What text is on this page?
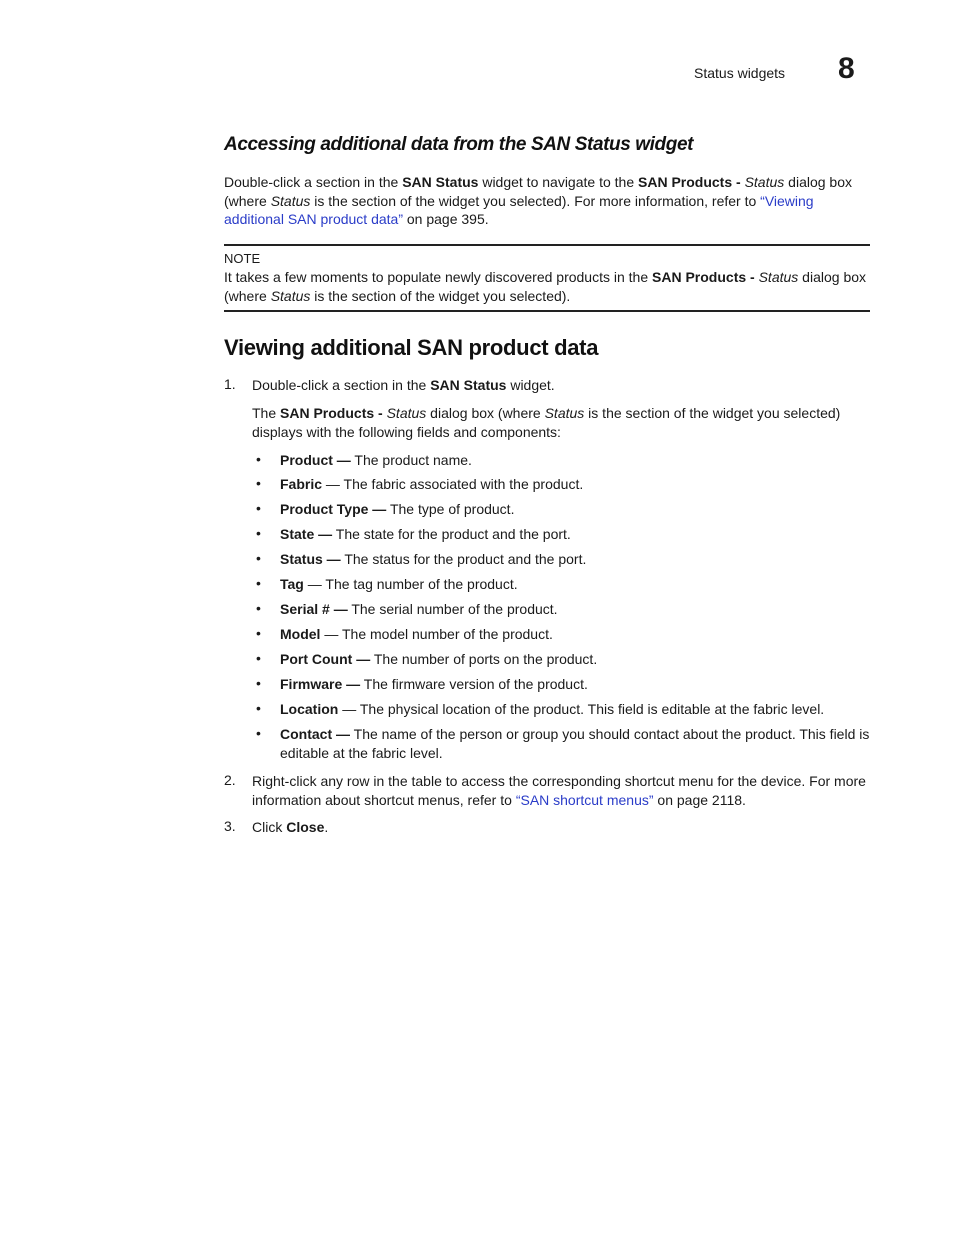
Status widgets 8
Accessing additional data from the SAN Status widget
Double-click a section in the SAN Status widget to navigate to the SAN Products - Status dialog box (where Status is the section of the widget you selected). For more information, refer to “Viewing additional SAN product data” on page 395.
NOTE
It takes a few moments to populate newly discovered products in the SAN Products - Status dialog box (where Status is the section of the widget you selected).
Viewing additional SAN product data
1. Double-click a section in the SAN Status widget.
The SAN Products - Status dialog box (where Status is the section of the widget you selected) displays with the following fields and components:
• Product — The product name.
• Fabric — The fabric associated with the product.
• Product Type — The type of product.
• State — The state for the product and the port.
• Status — The status for the product and the port.
• Tag — The tag number of the product.
• Serial # — The serial number of the product.
• Model — The model number of the product.
• Port Count — The number of ports on the product.
• Firmware — The firmware version of the product.
• Location — The physical location of the product. This field is editable at the fabric level.
• Contact — The name of the person or group you should contact about the product. This field is editable at the fabric level.
2. Right-click any row in the table to access the corresponding shortcut menu for the device. For more information about shortcut menus, refer to “SAN shortcut menus” on page 2118.
3. Click Close.
